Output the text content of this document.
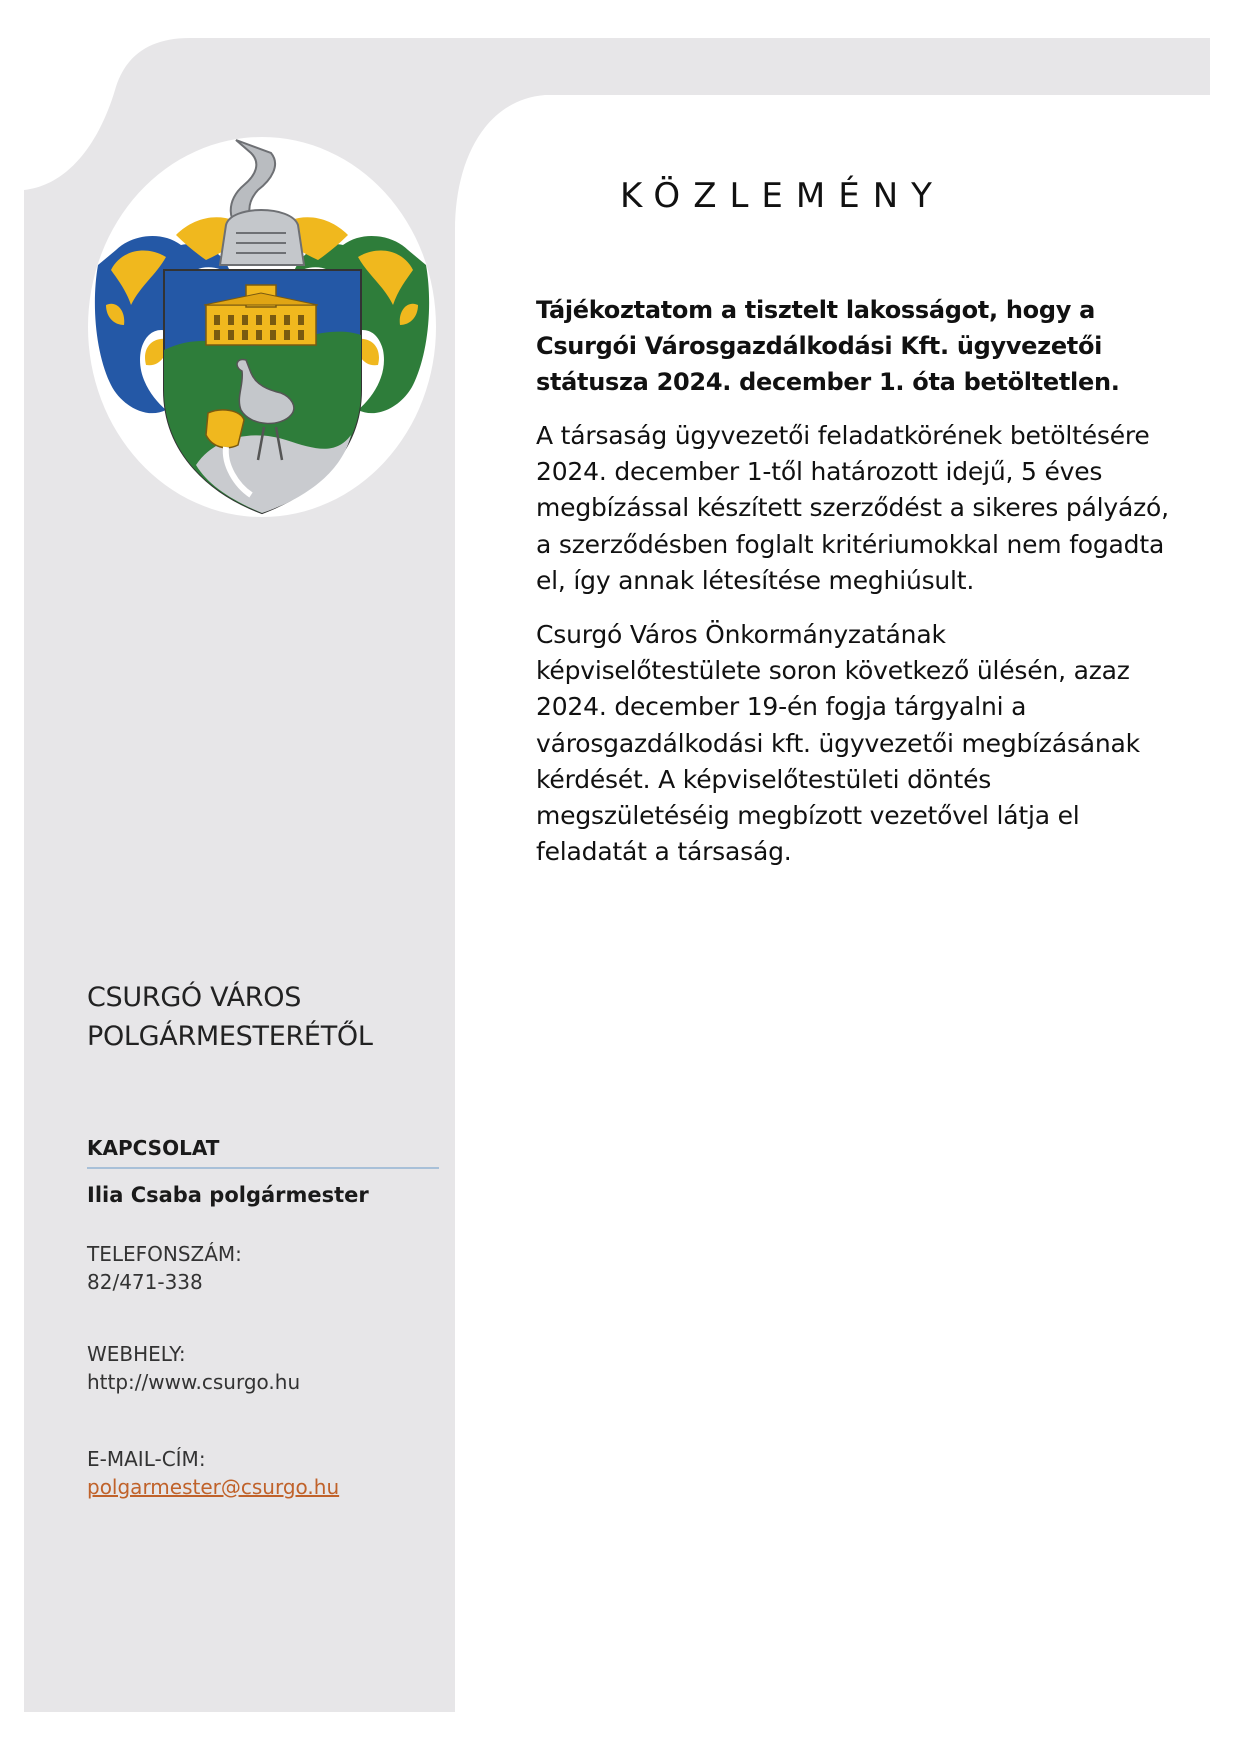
KÖZLEMÉNY

Tájékoztatom a tisztelt lakosságot, hogy a Csurgói Városgazdálkodási Kft. ügyvezetői státusza 2024. december 1. óta betöltetlen.

A társaság ügyvezetői feladatkörének betöltésére 2024. december 1-től határozott idejű, 5 éves megbízással készített szerződést a sikeres pályázó, a szerződésben foglalt kritériumokkal nem fogadta el, így annak létesítése meghiúsult.

Csurgó Város Önkormányzatának képviselőtestülete soron következő ülésén, azaz 2024. december 19-én fogja tárgyalni a városgazdálkodási kft. ügyvezetői megbízásának kérdését. A képviselőtestületi döntés megszületéséig megbízott vezetővel látja el feladatát a társaság.

CSURGÓ VÁROS

POLGÁRMESTERÉTŐL

KAPCSOLAT
Ilia Csaba polgármester
TELEFONSZÁM:
82/471-338
WEBHELY:
http://www.csurgo.hu
E-MAIL-CÍM:
polgarmester@csurgo.hu
